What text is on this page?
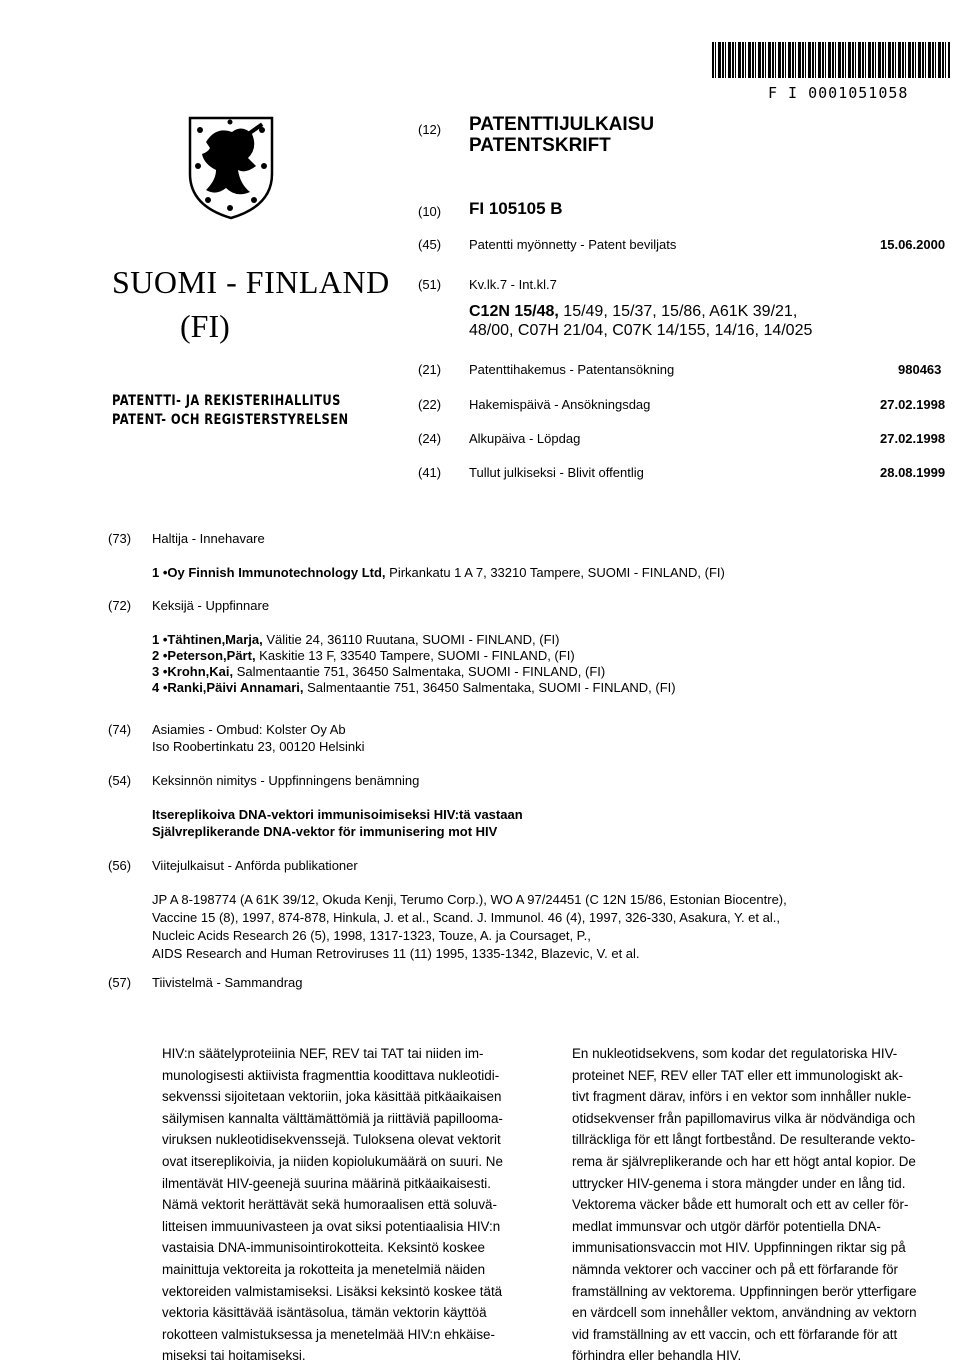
F I 0001051058
SUOMI - FINLAND
(FI)
PATENTTI- JA REKISTERIHALLITUS
PATENT- OCH REGISTERSTYRELSEN
(12) PATENTTIJULKAISU
PATENTSKRIFT
(10) FI 105105 B
(45) Patentti myönnetty - Patent beviljats	15.06.2000
(51) Kv.lk.7 - Int.kl.7
C12N 15/48, 15/49, 15/37, 15/86, A61K 39/21,
48/00, C07H 21/04, C07K 14/155, 14/16, 14/025
(21) Patenttihakemus - Patentansökning	980463
(22) Hakemispäivä - Ansökningsdag	27.02.1998
(24) Alkupäiva - Löpdag	27.02.1998
(41) Tullut julkiseksi - Blivit offentlig	28.08.1999
(73) Haltija - Innehavare
1 •Oy Finnish Immunotechnology Ltd, Pirkankatu 1 A 7, 33210 Tampere, SUOMI - FINLAND, (FI)
(72) Keksijä - Uppfinnare
1 •Tähtinen,Marja, Välitie 24, 36110 Ruutana, SUOMI - FINLAND, (FI)
2 •Peterson,Pärt, Kaskitie 13 F, 33540 Tampere, SUOMI - FINLAND, (FI)
3 •Krohn,Kai, Salmentaantie 751, 36450 Salmentaka, SUOMI - FINLAND, (FI)
4 •Ranki,Päivi Annamari, Salmentaantie 751, 36450 Salmentaka, SUOMI - FINLAND, (FI)
(74) Asiamies - Ombud: Kolster Oy Ab
Iso Roobertinkatu 23, 00120 Helsinki
(54) Keksinnön nimitys - Uppfinningens benämning
Itsereplikoiva DNA-vektori immunisoimiseksi HIV:tä vastaan
Självreplikerande DNA-vektor för immunisering mot HIV
(56) Viitejulkaisut - Anförda publikationer
JP A 8-198774 (A 61K 39/12, Okuda Kenji, Terumo Corp.), WO A 97/24451 (C 12N 15/86, Estonian Biocentre),
Vaccine 15 (8), 1997, 874-878, Hinkula, J. et al., Scand. J. Immunol. 46 (4), 1997, 326-330, Asakura, Y. et al.,
Nucleic Acids Research 26 (5), 1998, 1317-1323, Touze, A. ja Coursaget, P.,
AIDS Research and Human Retroviruses 11 (11) 1995, 1335-1342, Blazevic, V. et al.
(57) Tiivistelmä - Sammandrag
HIV:n säätelyproteiinia NEF, REV tai TAT tai niiden im-
munologisesti aktiivista fragmenttia koodittava nukleotidi-
sekvenssi sijoitetaan vektoriin, joka käsittää pitkäaikaisen
säilymisen kannalta välttämättömiä ja riittäviä papillooma-
viruksen nukleotidisekvenssejä. Tuloksena olevat vektorit
ovat itsereplikoivia, ja niiden kopiolukumäärä on suuri. Ne
ilmentävät HIV-geenejä suurina määrinä pitkäaikaisesti.
Nämä vektorit herättävät sekä humoraalisen että soluvä-
litteisen immuunivasteen ja ovat siksi potentiaalisia HIV:n
vastaisia DNA-immunisointirokotteita. Keksintö koskee
mainittuja vektoreita ja rokotteita ja menetelmiä näiden
vektoreiden valmistamiseksi. Lisäksi keksintö koskee tätä
vektoria käsittävää isäntäsolua, tämän vektorin käyttöä
rokotteen valmistuksessa ja menetelmää HIV:n ehkäise-
miseksi tai hoitamiseksi.
En nukleotidsekvens, som kodar det regulatoriska HIV-
proteinet NEF, REV eller TAT eller ett immunologiskt ak-
tivt fragment därav, införs i en vektor som innhåller nukle-
otidsekvenser från papillomavirus vilka är nödvändiga och
tillräckliga för ett långt fortbestånd. De resulterande vekto-
rema är självreplikerande och har ett högt antal kopior. De
uttrycker HIV-genema i stora mängder under en lång tid.
Vektorema väcker både ett humoralt och ett av celler för-
medlat immunsvar och utgör därför potentiella DNA-
immunisationsvaccin mot HIV. Uppfinningen riktar sig på
nämnda vektorer och vacciner och på ett förfarande för
framställning av vektorema. Uppfinningen berör ytterfigare
en värdcell som innehåller vektom, användning av vektorn
vid framställning av ett vaccin, och ett förfarande för att
förhindra eller behandla HIV.
